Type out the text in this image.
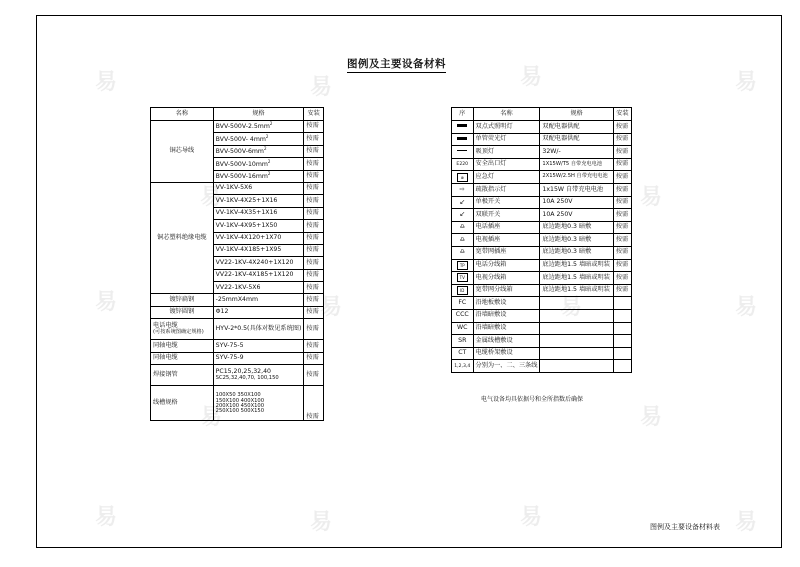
易	易	易	易
易	易	易	易
易	易	易	易
易	易
易	易
图例及主要设备材料
名称	规格	安装
铜芯导线	BVV-$500V-2.5mm^2$	按需
	BVV-500V- $4mm^2$	按需
	BVV-$500V-6mm^2$	按需
	BVV-$500V-10mm^2$	按需
	BVV-$500V-16mm^2$	按需
铜芯塑料绝缘电缆	VV-1KV-5X6	按需
	VV-1KV-4X25+1X16	按需
	VV-1KV-4X35+1X16	按需
	VV-1KV-4X95+1X50	按需
	VV-1KV-4X120+1X70	按需
	VV-1KV-4X185+1X95	按需
	VV22-1KV-4X240+1X120	按需
	VV22-1KV-4X185+1X120	按需
	VV22-1KV-5X6	按需
镀锌扁钢	-25mmX4mm	按需
镀锌圆钢	Φ12	按需

电话电缆
(可按系统图确定规格)	HYV-2*0.5(具体对数见系统图)	按需

同轴电缆	SYV-75-5	按需

同轴电缆	SYV-75-9	按需

焊接钢管	PC15,20,25,32,40
SC25,32,40,70, 100,150	按需

线槽规格	100X50 350X100
150X100 400X100
200X100 450X100
250X100 500X150	按需
序	名称	规格	安装
	双点式照明灯	双配电器供配	按需
	单管荧光灯	双配电器供配	按需
	吸顶灯	32W/-	按需
E220	安全出口灯	1X15W/T5 自带充电电池	按需
⊗	应急灯	2X15W/2.5H 自带充电电池	按需
⇨	疏散指示灯	1x15W 自带充电电池	按需
↙	单极开关	10A 250V	按需
↙	双联开关	10A 250V	按需
♎	电话插座	底边距地0.3 暗敷	按需
♎	电视插座	底边距地0.3 暗敷	按需
♎	宽带网插座	底边距地0.3 暗敷	按需
TP	电话分线箱	底边距地1.5 墙暗或明装	按需
TV	电视分线箱	底边距地1.5 墙暗或明装	按需
ID	宽带网分线箱	底边距地1.5 墙暗或明装	按需
FC	沿地板敷设		
CCC	沿墙暗敷设		
WC	沿墙暗敷设		
SR	金属线槽敷设		
CT	电缆桥架敷设		
1,2,3,4	分别为一、二、三条线		
电气设备均具依据号和全所指数后确保
图例及主要设备材料表
